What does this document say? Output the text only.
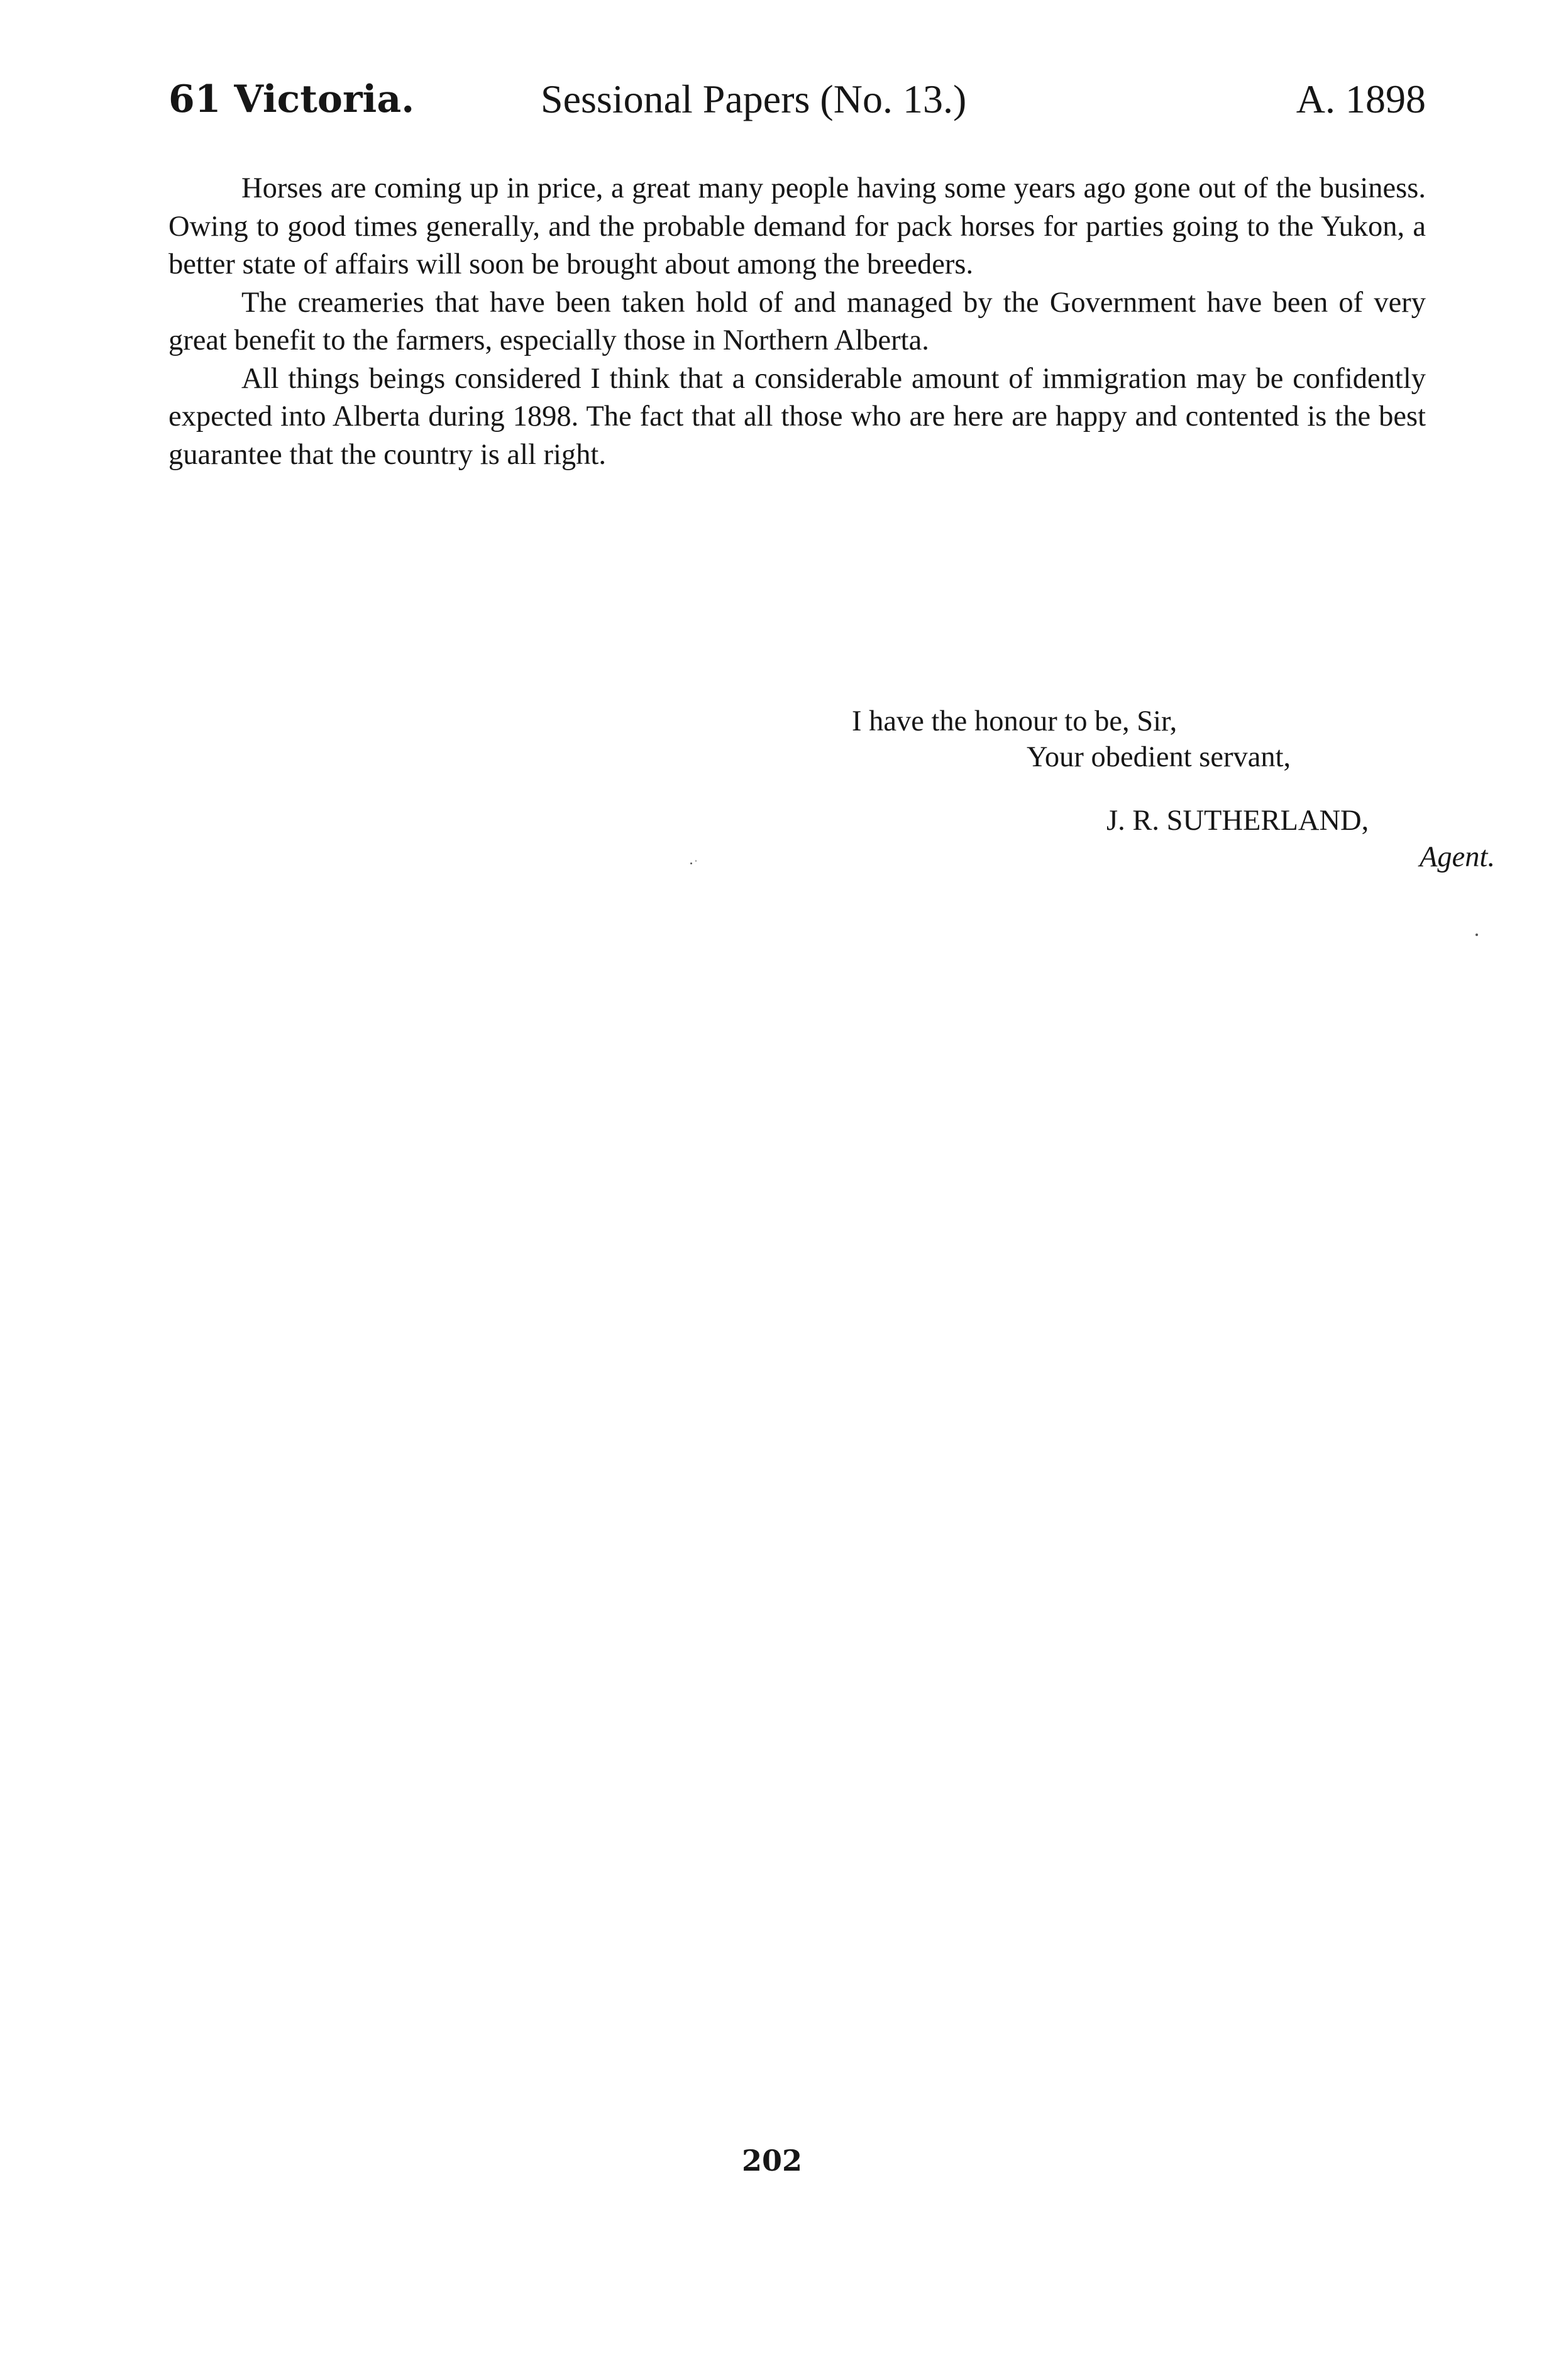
61 Victoria.	Sessional Papers (No. 13.)	A. 1898

Horses are coming up in price, a great many people having some years ago gone out of the business. Owing to good times generally, and the probable demand for pack horses for parties going to the Yukon, a better state of affairs will soon be brought about among the breeders.

The creameries that have been taken hold of and managed by the Government have been of very great benefit to the farmers, especially those in Northern Alberta.

All things beings considered I think that a considerable amount of immigration may be confidently expected into Alberta during 1898. The fact that all those who are here are happy and contented is the best guarantee that the country is all right.

I have the honour to be, Sir,
Your obedient servant,
J. R. SUTHERLAND,
Agent.
202
